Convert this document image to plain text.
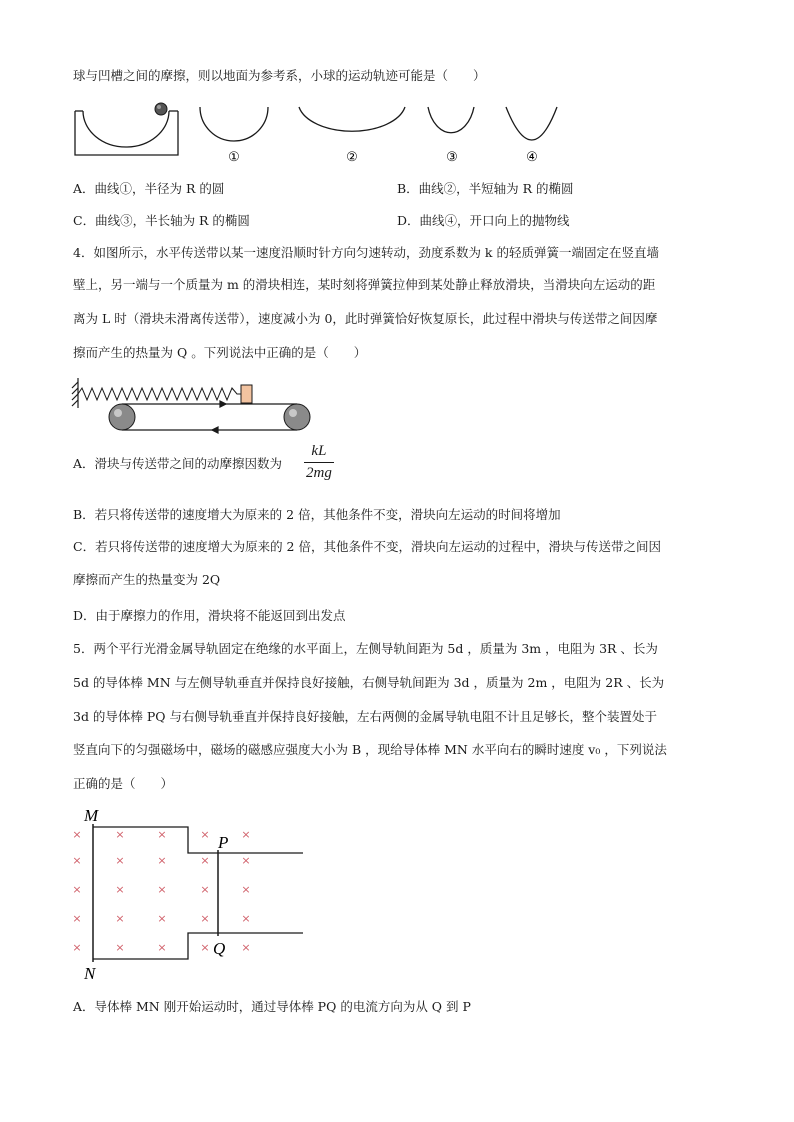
球与凹槽之间的摩擦，则以地面为参考系，小球的运动轨迹可能是（　　）
①	②	③	④
A．曲线①，半径为 R 的圆	B．曲线②，半短轴为 R 的椭圆
C．曲线③，半长轴为 R 的椭圆	D．曲线④，开口向上的抛物线
4．如图所示，水平传送带以某一速度沿顺时针方向匀速转动，劲度系数为 k 的轻质弹簧一端固定在竖直墙
壁上，另一端与一个质量为 m 的滑块相连，某时刻将弹簧拉伸到某处静止释放滑块，当滑块向左运动的距
离为 L 时（滑块未滑离传送带），速度减小为 0，此时弹簧恰好恢复原长，此过程中滑块与传送带之间因摩
擦而产生的热量为 Q 。下列说法中正确的是（　　）
A．滑块与传送带之间的动摩擦因数为
kL
2mg
B．若只将传送带的速度增大为原来的 2 倍，其他条件不变，滑块向左运动的时间将增加
C．若只将传送带的速度增大为原来的 2 倍，其他条件不变，滑块向左运动的过程中，滑块与传送带之间因
摩擦而产生的热量变为 2Q
D．由于摩擦力的作用，滑块将不能返回到出发点
5．两个平行光滑金属导轨固定在绝缘的水平面上，左侧导轨间距为 5d ，质量为 3m ，电阻为 3R 、长为
5d 的导体棒 MN 与左侧导轨垂直并保持良好接触，右侧导轨间距为 3d ，质量为 2m ，电阻为 2R 、长为
3d 的导体棒 PQ 与右侧导轨垂直并保持良好接触，左右两侧的金属导轨电阻不计且足够长，整个装置处于
竖直向下的匀强磁场中，磁场的磁感应强度大小为 B ，现给导体棒 MN 水平向右的瞬时速度 v₀ ，下列说法
正确的是（　　）
M
N
P
Q
×	×	×	×	×
×	×	×	×	×
×	×	×	×	×
×	×	×	×	×
×	×	×	×	×
A．导体棒 MN 刚开始运动时，通过导体棒 PQ 的电流方向为从 Q 到 P
